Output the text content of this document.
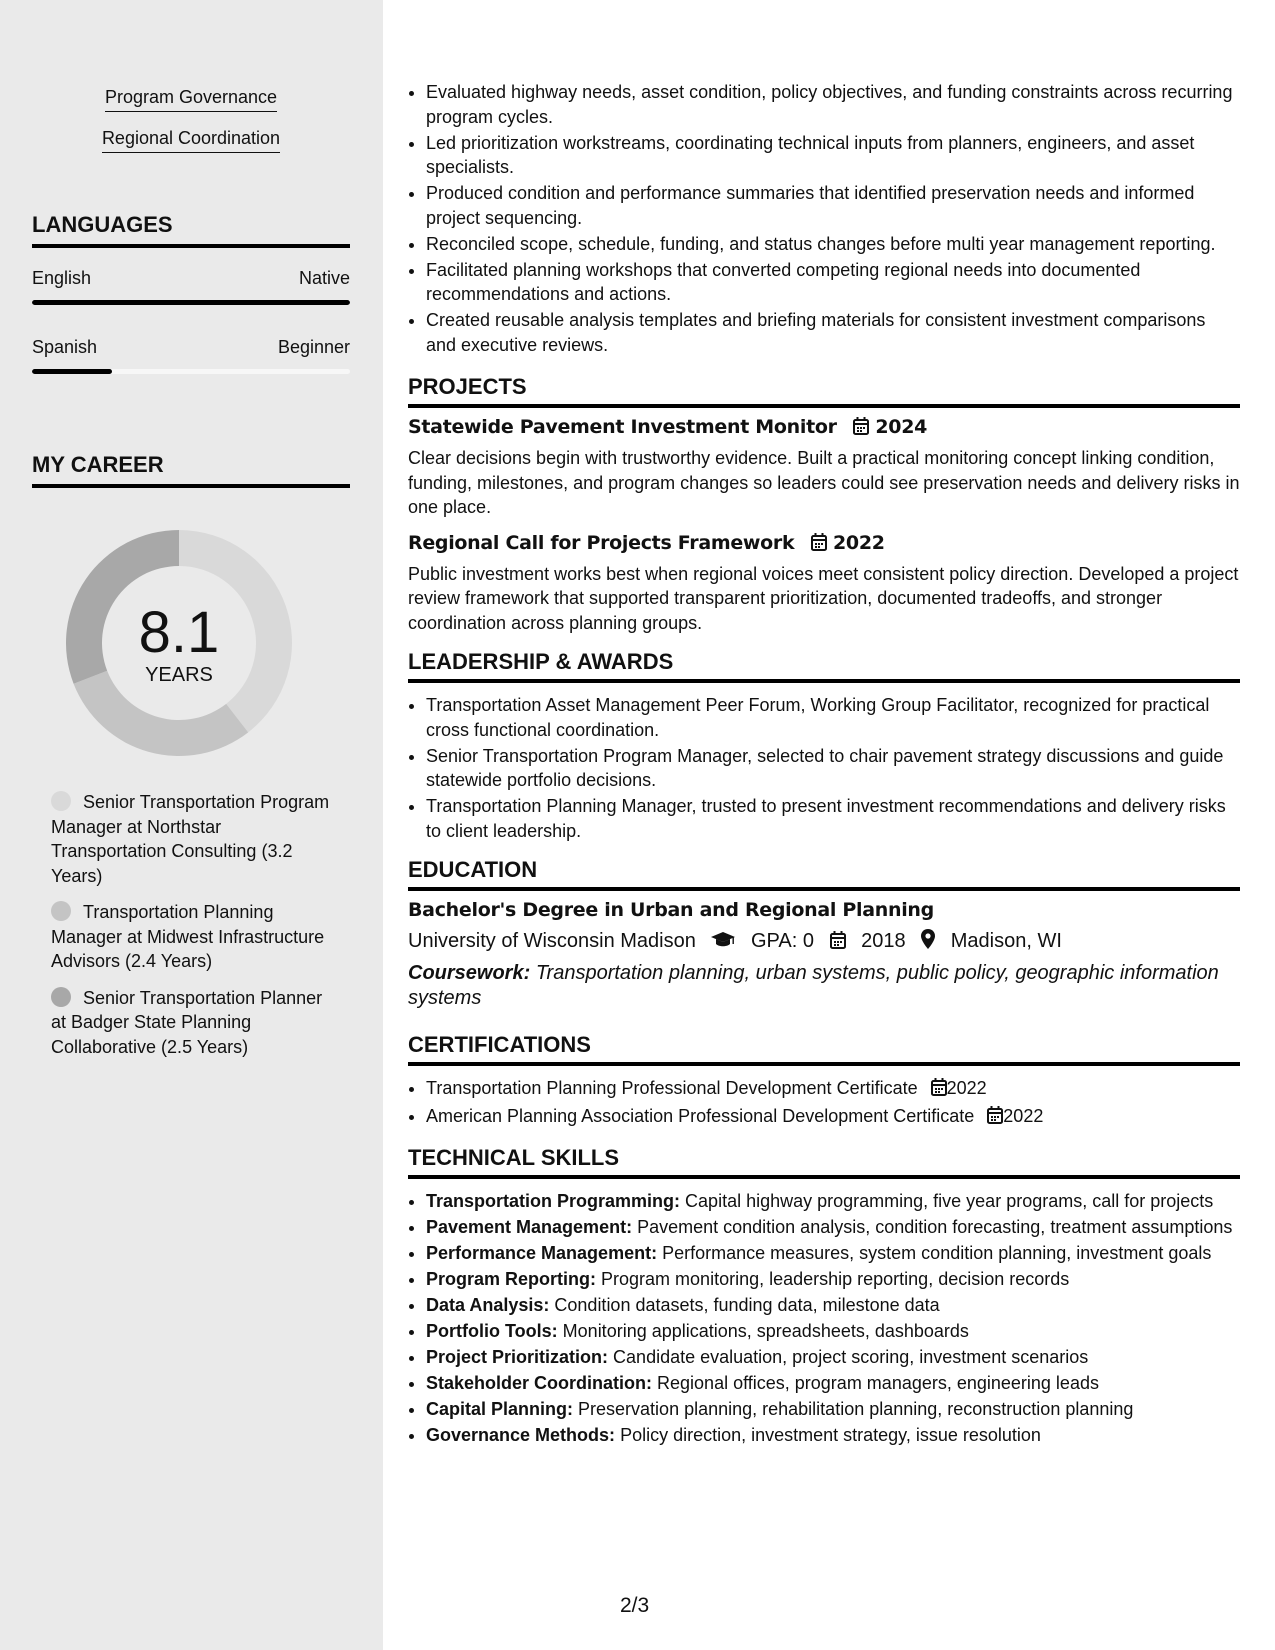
Program Governance
Regional Coordination
LANGUAGES
English	Native
Spanish	Beginner
MY CAREER
8.1
YEARS
Senior Transportation Program Manager at Northstar Transportation Consulting (3.2 Years)
Transportation Planning Manager at Midwest Infrastructure Advisors (2.4 Years)
Senior Transportation Planner at Badger State Planning Collaborative (2.5 Years)
• Evaluated highway needs, asset condition, policy objectives, and funding constraints across recurring program cycles.
• Led prioritization workstreams, coordinating technical inputs from planners, engineers, and asset specialists.
• Produced condition and performance summaries that identified preservation needs and informed project sequencing.
• Reconciled scope, schedule, funding, and status changes before multi year management reporting.
• Facilitated planning workshops that converted competing regional needs into documented recommendations and actions.
• Created reusable analysis templates and briefing materials for consistent investment comparisons and executive reviews.
PROJECTS
Statewide Pavement Investment Monitor 2024
Clear decisions begin with trustworthy evidence. Built a practical monitoring concept linking condition, funding, milestones, and program changes so leaders could see preservation needs and delivery risks in one place.
Regional Call for Projects Framework 2022
Public investment works best when regional voices meet consistent policy direction. Developed a project review framework that supported transparent prioritization, documented tradeoffs, and stronger coordination across planning groups.
LEADERSHIP & AWARDS
• Transportation Asset Management Peer Forum, Working Group Facilitator, recognized for practical cross functional coordination.
• Senior Transportation Program Manager, selected to chair pavement strategy discussions and guide statewide portfolio decisions.
• Transportation Planning Manager, trusted to present investment recommendations and delivery risks to client leadership.
EDUCATION
Bachelor's Degree in Urban and Regional Planning
University of Wisconsin Madison	GPA: 0 2018 Madison, WI
Coursework: Transportation planning, urban systems, public policy, geographic information systems
CERTIFICATIONS
• Transportation Planning Professional Development Certificate 2022
• American Planning Association Professional Development Certificate 2022
TECHNICAL SKILLS
• Transportation Programming: Capital highway programming, five year programs, call for projects
• Pavement Management: Pavement condition analysis, condition forecasting, treatment assumptions
• Performance Management: Performance measures, system condition planning, investment goals
• Program Reporting: Program monitoring, leadership reporting, decision records
• Data Analysis: Condition datasets, funding data, milestone data
• Portfolio Tools: Monitoring applications, spreadsheets, dashboards
• Project Prioritization: Candidate evaluation, project scoring, investment scenarios
• Stakeholder Coordination: Regional offices, program managers, engineering leads
• Capital Planning: Preservation planning, rehabilitation planning, reconstruction planning
• Governance Methods: Policy direction, investment strategy, issue resolution
2/3
